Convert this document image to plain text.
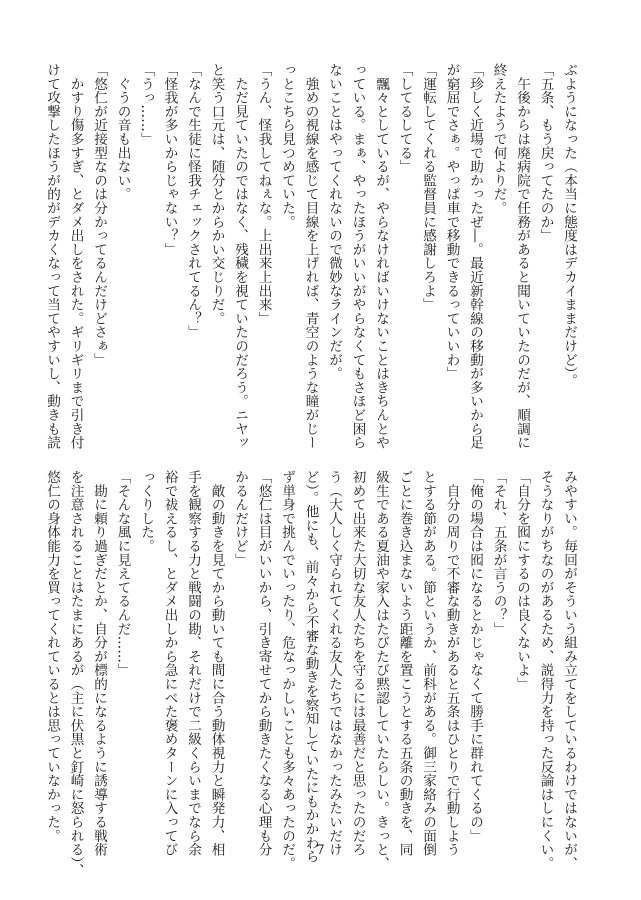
ぶようになった（本当に態度はデカイままだけど）。
「五条、もう戻ってたのか」
　午後からは廃病院で任務があると聞いていたのだが、順調に
終えたようで何よりだ。
「珍しく近場で助かったぜ―。最近新幹線の移動が多いから足
が窮屈でさぁ。やっぱ車で移動できるっていいわ」
「運転してくれる監督員に感謝しろよ」
「してるしてる」
　飄々としているが、やらなければいけないことはきちんとや
っている。まぁ、やったほうがいいがやらなくてもさほど困ら
ないことはやってくれないので微妙なラインだが。
　強めの視線を感じて目線を上げれば、青空のような瞳がじー
っとこちら見つめていた。
「うん、怪我してねぇな。上出来上出来」
　ただ見ていたのではなく、残穢を視ていたのだろう。ニヤッ
と笑う口元は、随分とからかい交じりだ。
「なんで生徒に怪我チェックされてるん？」
「怪我が多いからじゃない？」
「うっ……」
　ぐうの音も出ない。
「悠仁が近接型なのは分かってるんだけどさぁ」
　かすり傷多すぎ、とダメ出しをされた。ギリギリまで引き付
けて攻撃したほうが的がデカくなって当てやすいし、動きも読
みやすい。毎回がそういう組み立てをしているわけではないが、
そうなりがちなのがあるため、説得力を持った反論はしにくい。
「自分を囮にするのは良くないよ」
「それ、五条が言うの？」
「俺の場合は囮になるとかじゃなくて勝手に群れてくるの」
　自分の周りで不審な動きがあると五条はひとりで行動しよう
とする節がある。節というか、前科がある。御三家絡みの面倒
ごとに巻き込まないよう距離を置こうとする五条の動きを、同
級生である夏油や家入はたびたび黙認していたらしい。きっと、
初めて出来た大切な友人たちを守るには最善だと思ったのだろ
う（大人しく守られてくれる友人たちではなかったみたいだけ
ど）。他にも、前々から不審な動きを察知していたにもかかわら
ず単身で挑んでいったり、危なっかしいことも多々あったのだ。
「悠仁は目がいいから、引き寄せてから動きたくなる心理も分
かるんだけど」
　敵の動きを見てから動いても間に合う動体視力と瞬発力、相
手を観察する力と戦闘の勘、それだけで二級くらいまでなら余
裕で祓えるし、とダメ出しから急にべた褒めターンに入ってび
っくりした。
「そんな風に見えてるんだ……」
　勘に頼り過ぎだとか、自分が標的になるように誘導する戦術
を注意されることはたまにあるが（主に伏黒と釘崎に怒られる）、
悠仁の身体能力を買ってくれているとは思っていなかった。
7
